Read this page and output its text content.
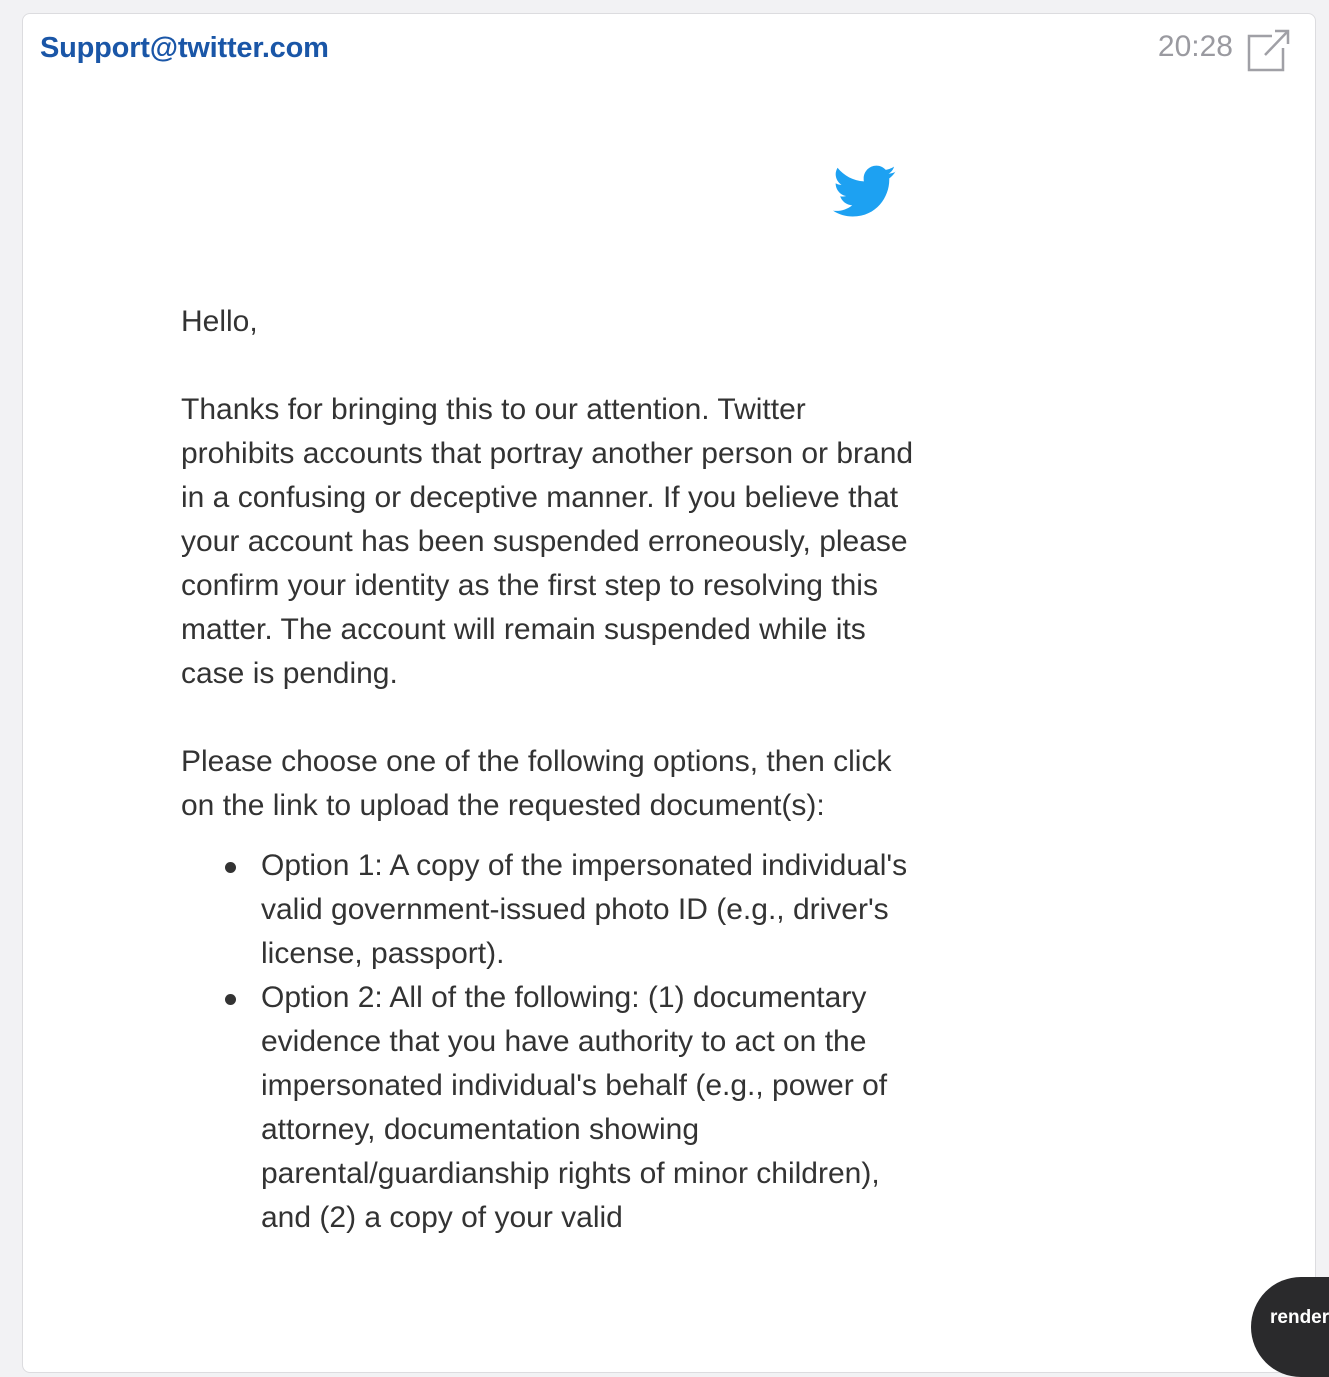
Support@twitter.com	20:28

Hello,

Thanks for bringing this to our attention. Twitter prohibits accounts that portray another person or brand in a confusing or deceptive manner. If you believe that your account has been suspended erroneously, please confirm your identity as the first step to resolving this matter. The account will remain suspended while its case is pending.

Please choose one of the following options, then click on the link to upload the requested document(s):

Option 1: A copy of the impersonated individual's valid government-issued photo ID (e.g., driver's license, passport).
Option 2: All of the following: (1) documentary evidence that you have authority to act on the impersonated individual's behalf (e.g., power of attorney, documentation showing parental/guardianship rights of minor children), and (2) a copy of your valid
render
